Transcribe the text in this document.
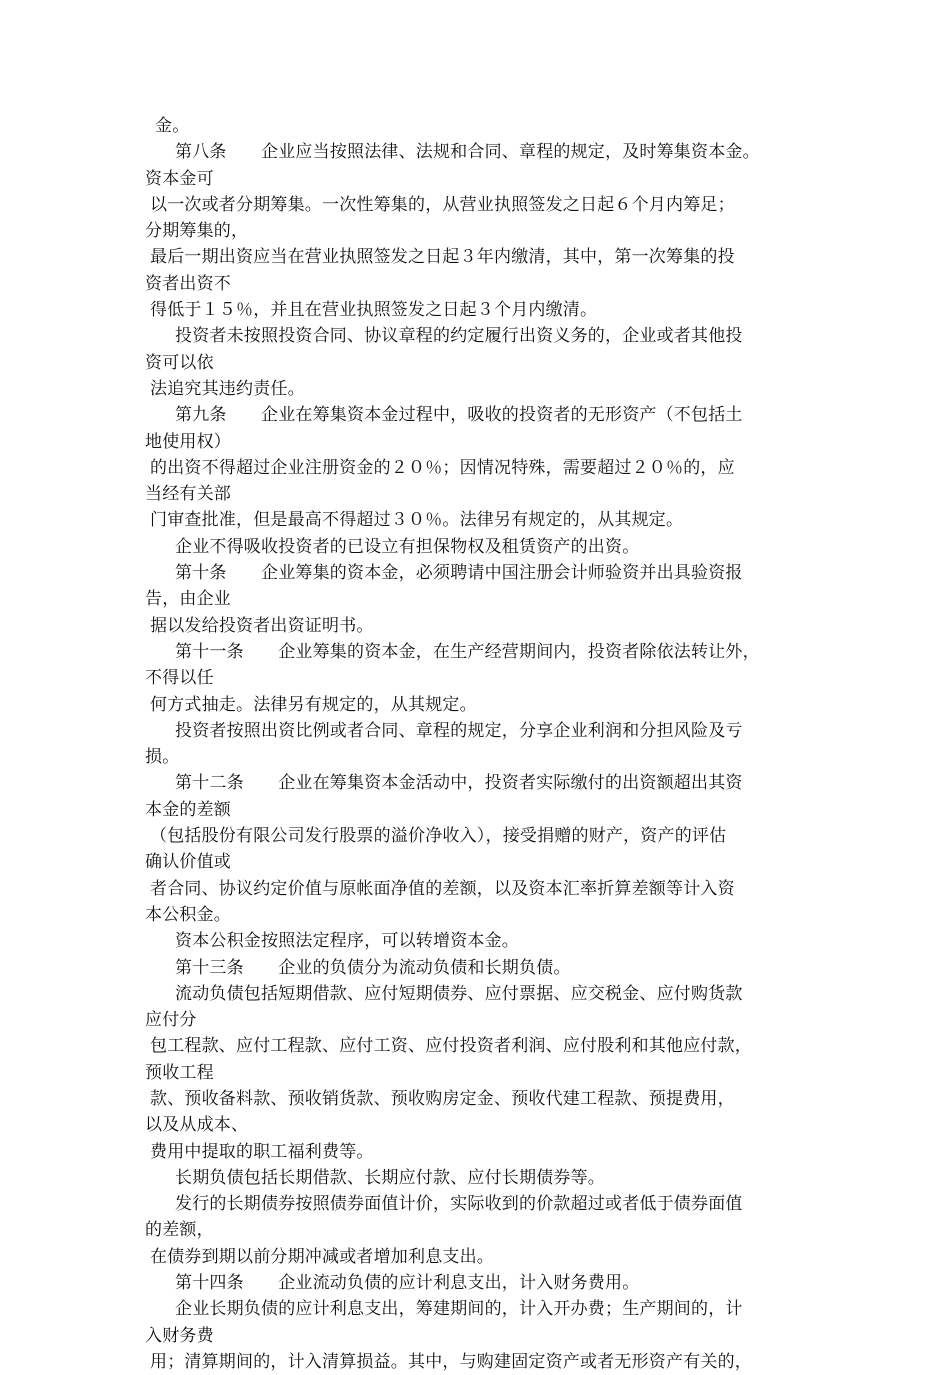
金。
第八条　　企业应当按照法律、法规和合同、章程的规定，及时筹集资本金。
资本金可
以一次或者分期筹集。一次性筹集的，从营业执照签发之日起６个月内筹足；
分期筹集的，
最后一期出资应当在营业执照签发之日起３年内缴清，其中，第一次筹集的投
资者出资不
得低于１５％，并且在营业执照签发之日起３个月内缴清。
投资者未按照投资合同、协议章程的约定履行出资义务的，企业或者其他投
资可以依
法追究其违约责任。
第九条　　企业在筹集资本金过程中，吸收的投资者的无形资产（不包括土
地使用权）
的出资不得超过企业注册资金的２０％；因情况特殊，需要超过２０％的，应
当经有关部
门审查批准，但是最高不得超过３０％。法律另有规定的，从其规定。
企业不得吸收投资者的已设立有担保物权及租赁资产的出资。
第十条　　企业筹集的资本金，必须聘请中国注册会计师验资并出具验资报
告，由企业
据以发给投资者出资证明书。
第十一条　　企业筹集的资本金，在生产经营期间内，投资者除依法转让外，
不得以任
何方式抽走。法律另有规定的，从其规定。
投资者按照出资比例或者合同、章程的规定，分享企业利润和分担风险及亏
损。
第十二条　　企业在筹集资本金活动中，投资者实际缴付的出资额超出其资
本金的差额
（包括股份有限公司发行股票的溢价净收入），接受捐赠的财产，资产的评估
确认价值或
者合同、协议约定价值与原帐面净值的差额，以及资本汇率折算差额等计入资
本公积金。
资本公积金按照法定程序，可以转增资本金。
第十三条　　企业的负债分为流动负债和长期负债。
流动负债包括短期借款、应付短期债券、应付票据、应交税金、应付购货款
应付分
包工程款、应付工程款、应付工资、应付投资者利润、应付股利和其他应付款，
预收工程
款、预收备料款、预收销货款、预收购房定金、预收代建工程款、预提费用，
以及从成本、
费用中提取的职工福利费等。
长期负债包括长期借款、长期应付款、应付长期债券等。
发行的长期债券按照债券面值计价，实际收到的价款超过或者低于债券面值
的差额，
在债券到期以前分期冲减或者增加利息支出。
第十四条　　企业流动负债的应计利息支出，计入财务费用。
企业长期负债的应计利息支出，筹建期间的，计入开办费；生产期间的，计
入财务费
用；清算期间的，计入清算损益。其中，与购建固定资产或者无形资产有关的，
